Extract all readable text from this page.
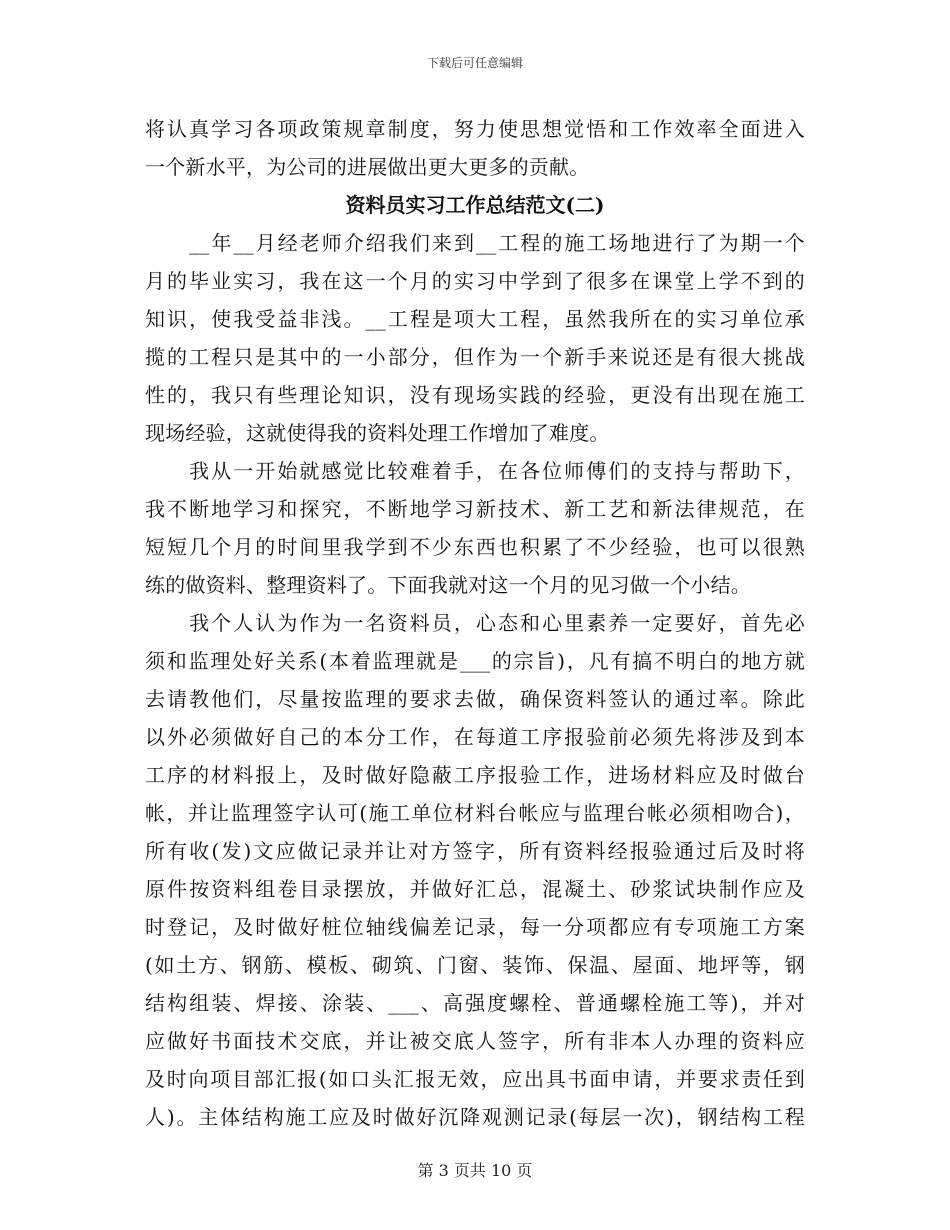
下载后可任意编辑
将认真学习各项政策规章制度，努力使思想觉悟和工作效率全面进入
一个新水平，为公司的进展做出更大更多的贡献。
资料员实习工作总结范文(二)
　　__年__月经老师介绍我们来到__工程的施工场地进行了为期一个
月的毕业实习，我在这一个月的实习中学到了很多在课堂上学不到的
知识，使我受益非浅。__工程是项大工程，虽然我所在的实习单位承
揽的工程只是其中的一小部分，但作为一个新手来说还是有很大挑战
性的，我只有些理论知识，没有现场实践的经验，更没有出现在施工
现场经验，这就使得我的资料处理工作增加了难度。
　　我从一开始就感觉比较难着手，在各位师傅们的支持与帮助下，
我不断地学习和探究，不断地学习新技术、新工艺和新法律规范，在
短短几个月的时间里我学到不少东西也积累了不少经验，也可以很熟
练的做资料、整理资料了。下面我就对这一个月的见习做一个小结。
　　我个人认为作为一名资料员，心态和心里素养一定要好，首先必
须和监理处好关系(本着监理就是___的宗旨)，凡有搞不明白的地方就
去请教他们，尽量按监理的要求去做，确保资料签认的通过率。除此
以外必须做好自己的本分工作，在每道工序报验前必须先将涉及到本
工序的材料报上，及时做好隐蔽工序报验工作，进场材料应及时做台
帐，并让监理签字认可(施工单位材料台帐应与监理台帐必须相吻合)，
所有收(发)文应做记录并让对方签字，所有资料经报验通过后及时将
原件按资料组卷目录摆放，并做好汇总，混凝土、砂浆试块制作应及
时登记，及时做好桩位轴线偏差记录，每一分项都应有专项施工方案
(如土方、钢筋、模板、砌筑、门窗、装饰、保温、屋面、地坪等，钢
结构组装、焊接、涂装、___、高强度螺栓、普通螺栓施工等)，并对
应做好书面技术交底，并让被交底人签字，所有非本人办理的资料应
及时向项目部汇报(如口头汇报无效，应出具书面申请，并要求责任到
人)。主体结构施工应及时做好沉降观测记录(每层一次)，钢结构工程
第 3 页共 10 页
